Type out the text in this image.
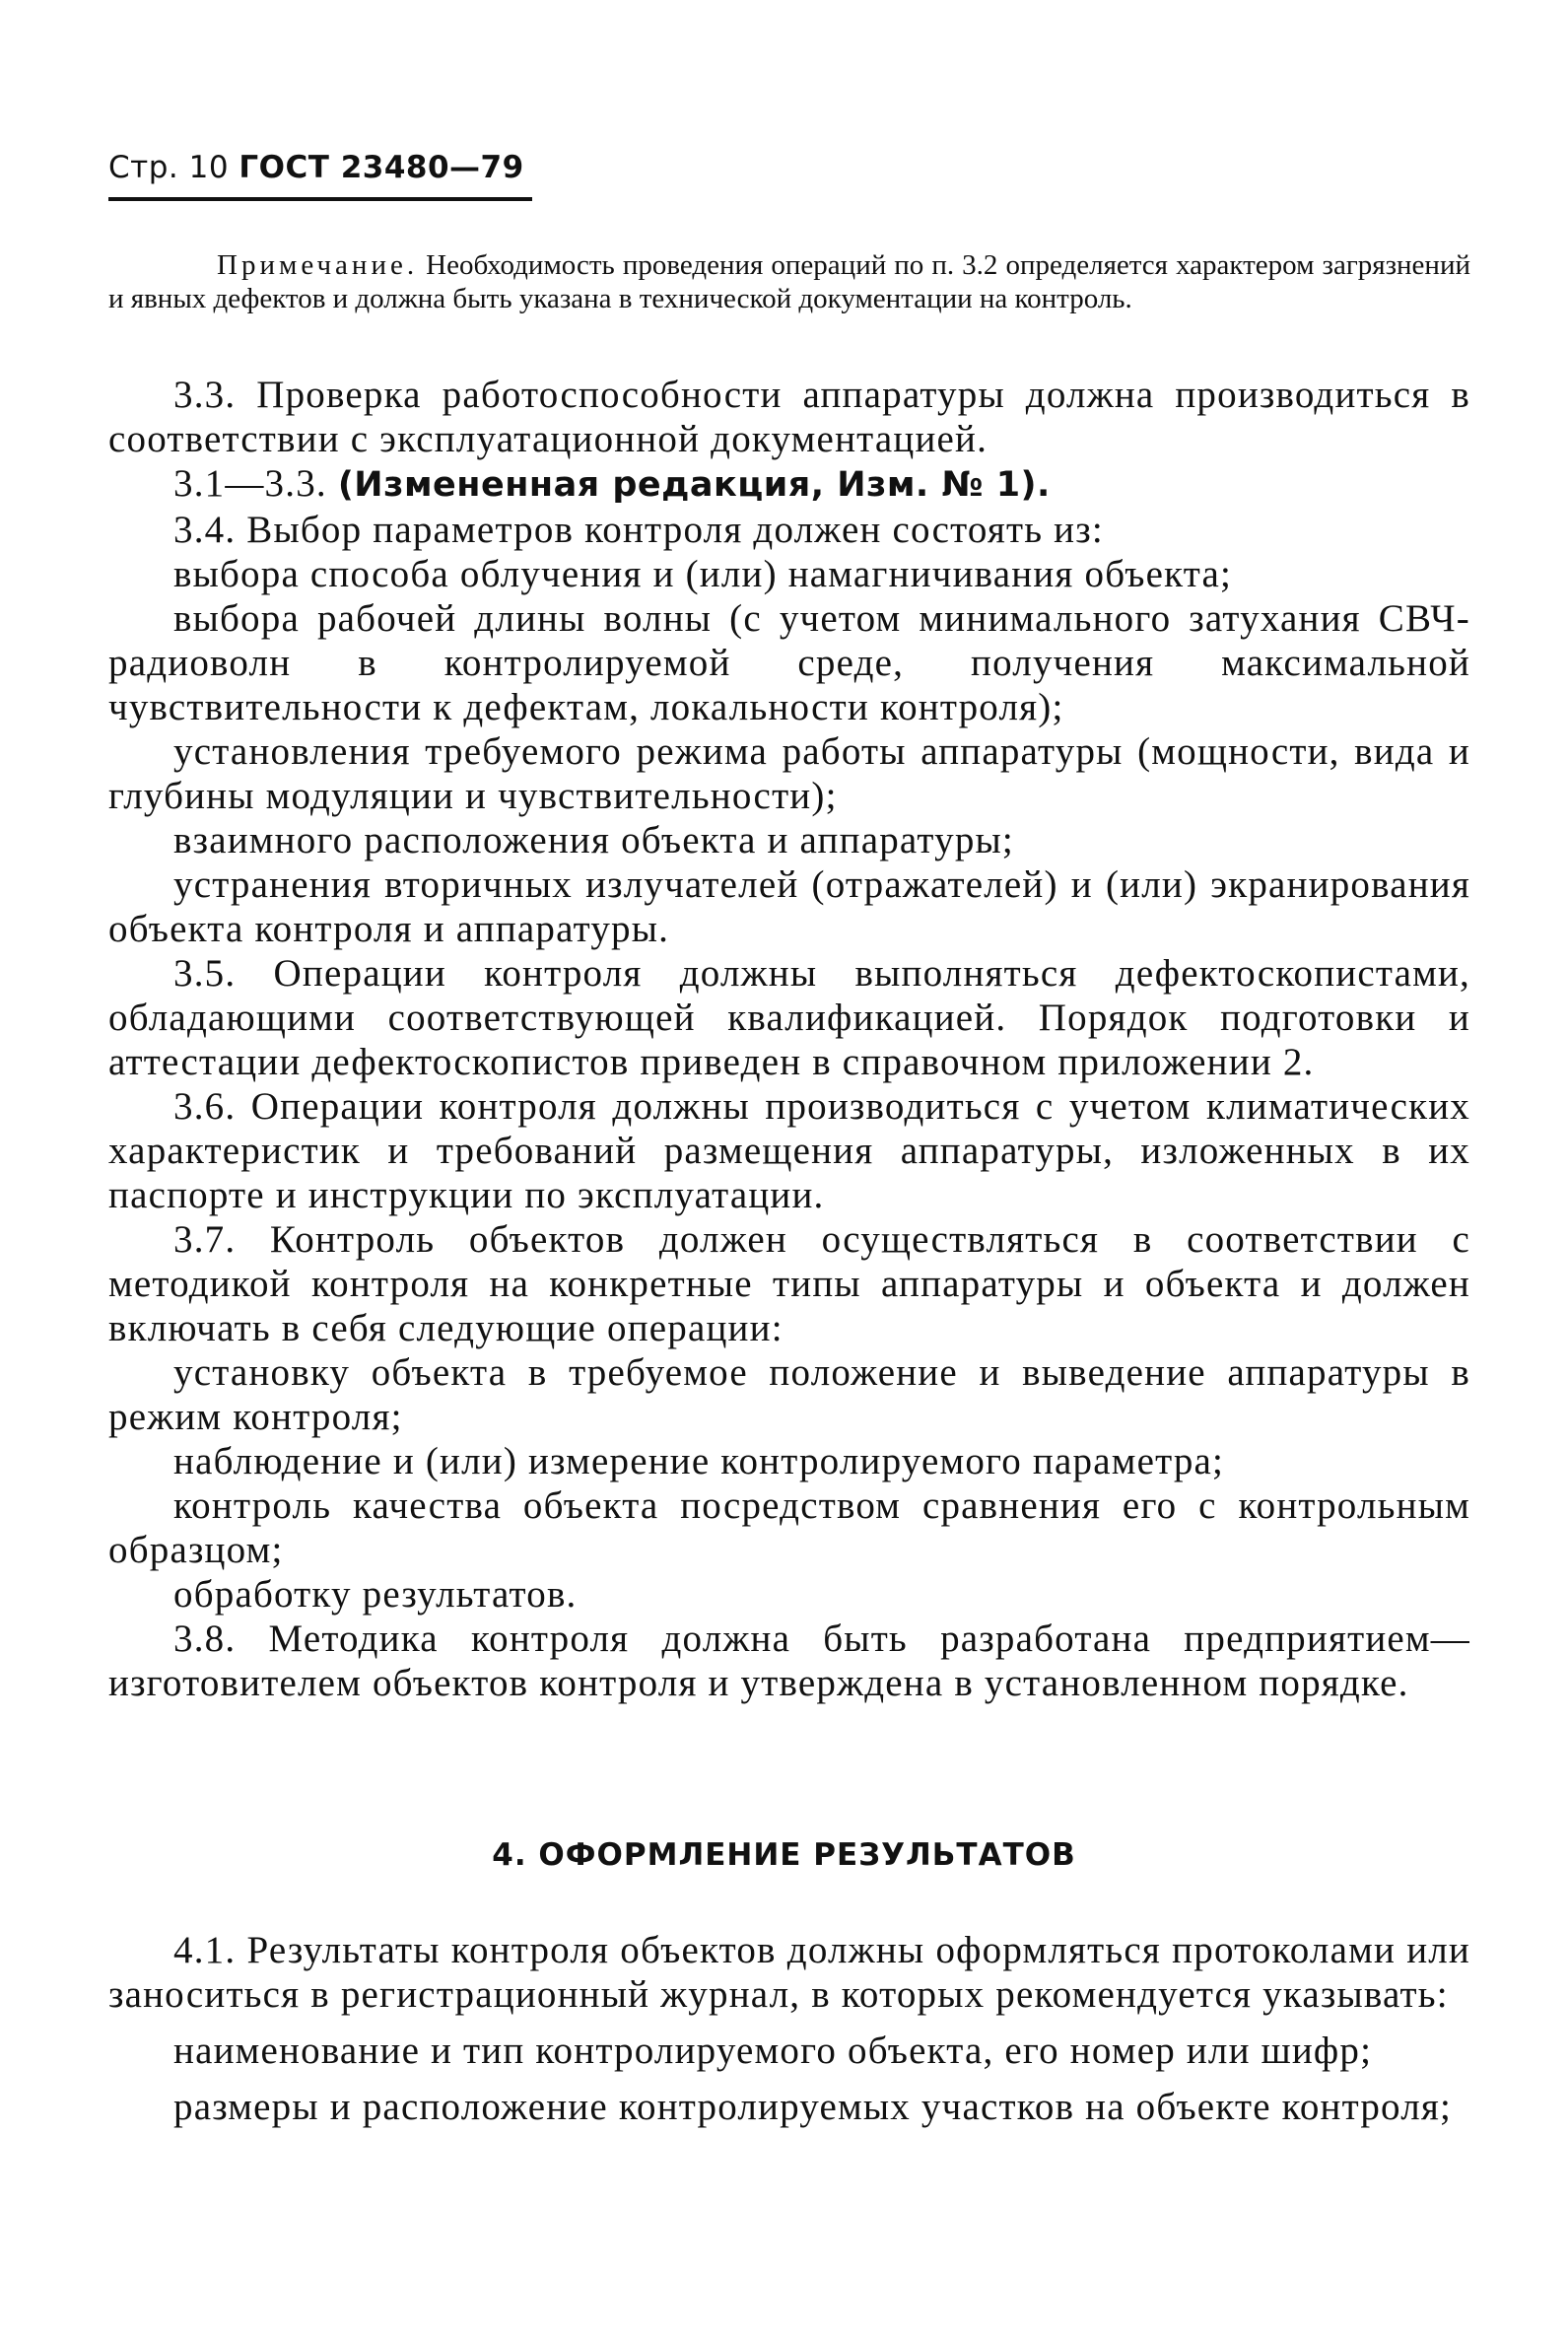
Стр. 10 ГОСТ 23480—79
Примечание. Необходимость проведения операций по п. 3.2 определяется характером загрязнений и явных дефектов и должна быть указана в технической документации на контроль.

3.3. Проверка работоспособности аппаратуры должна производиться в соответствии с эксплуатационной документацией.

3.1—3.3. (Измененная редакция, Изм. № 1).

3.4. Выбор параметров контроля должен состоять из:

выбора способа облучения и (или) намагничивания объекта;

выбора рабочей длины волны (с учетом минимального затухания СВЧ-радиоволн в контролируемой среде, получения максимальной чувствительности к дефектам, локальности контроля);

установления требуемого режима работы аппаратуры (мощности, вида и глубины модуляции и чувствительности);

взаимного расположения объекта и аппаратуры;

устранения вторичных излучателей (отражателей) и (или) экранирования объекта контроля и аппаратуры.

3.5. Операции контроля должны выполняться дефектоскопистами, обладающими соответствующей квалификацией. Порядок подготовки и аттестации дефектоскопистов приведен в справочном приложении 2.

3.6. Операции контроля должны производиться с учетом климатических характеристик и требований размещения аппаратуры, изложенных в их паспорте и инструкции по эксплуатации.

3.7. Контроль объектов должен осуществляться в соответствии с методикой контроля на конкретные типы аппаратуры и объекта и должен включать в себя следующие операции:

установку объекта в требуемое положение и выведение аппаратуры в режим контроля;

наблюдение и (или) измерение контролируемого параметра;

контроль качества объекта посредством сравнения его с контрольным образцом;

обработку результатов.

3.8. Методика контроля должна быть разработана предприятием—изготовителем объектов контроля и утверждена в установленном порядке.

4. ОФОРМЛЕНИЕ РЕЗУЛЬТАТОВ

4.1. Результаты контроля объектов должны оформляться протоколами или заноситься в регистрационный журнал, в которых рекомендуется указывать:

наименование и тип контролируемого объекта, его номер или шифр;

размеры и расположение контролируемых участков на объекте контроля;
